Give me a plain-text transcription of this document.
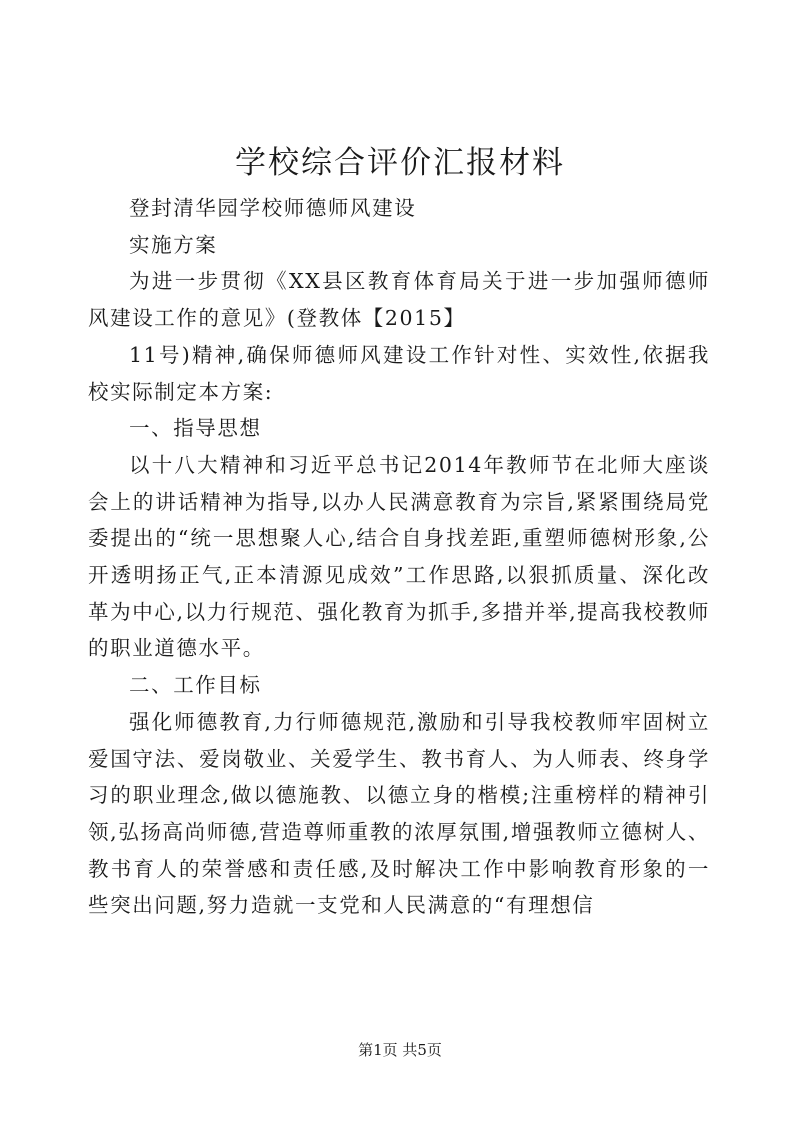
学校综合评价汇报材料

登封清华园学校师德师风建设

实施方案

为进一步贯彻《XX县区教育体育局关于进一步加强师德师风建设工作的意见》(登教体【2015】

11号)精神,确保师德师风建设工作针对性、实效性,依据我校实际制定本方案:

一、指导思想

以十八大精神和习近平总书记2014年教师节在北师大座谈会上的讲话精神为指导,以办人民满意教育为宗旨,紧紧围绕局党委提出的“统一思想聚人心,结合自身找差距,重塑师德树形象,公开透明扬正气,正本清源见成效”工作思路,以狠抓质量、深化改革为中心,以力行规范、强化教育为抓手,多措并举,提高我校教师的职业道德水平。

二、工作目标

强化师德教育,力行师德规范,激励和引导我校教师牢固树立爱国守法、爱岗敬业、关爱学生、教书育人、为人师表、终身学习的职业理念,做以德施教、以德立身的楷模;注重榜样的精神引领,弘扬高尚师德,营造尊师重教的浓厚氛围,增强教师立德树人、教书育人的荣誉感和责任感,及时解决工作中影响教育形象的一些突出问题,努力造就一支党和人民满意的“有理想信

第1页 共5页
